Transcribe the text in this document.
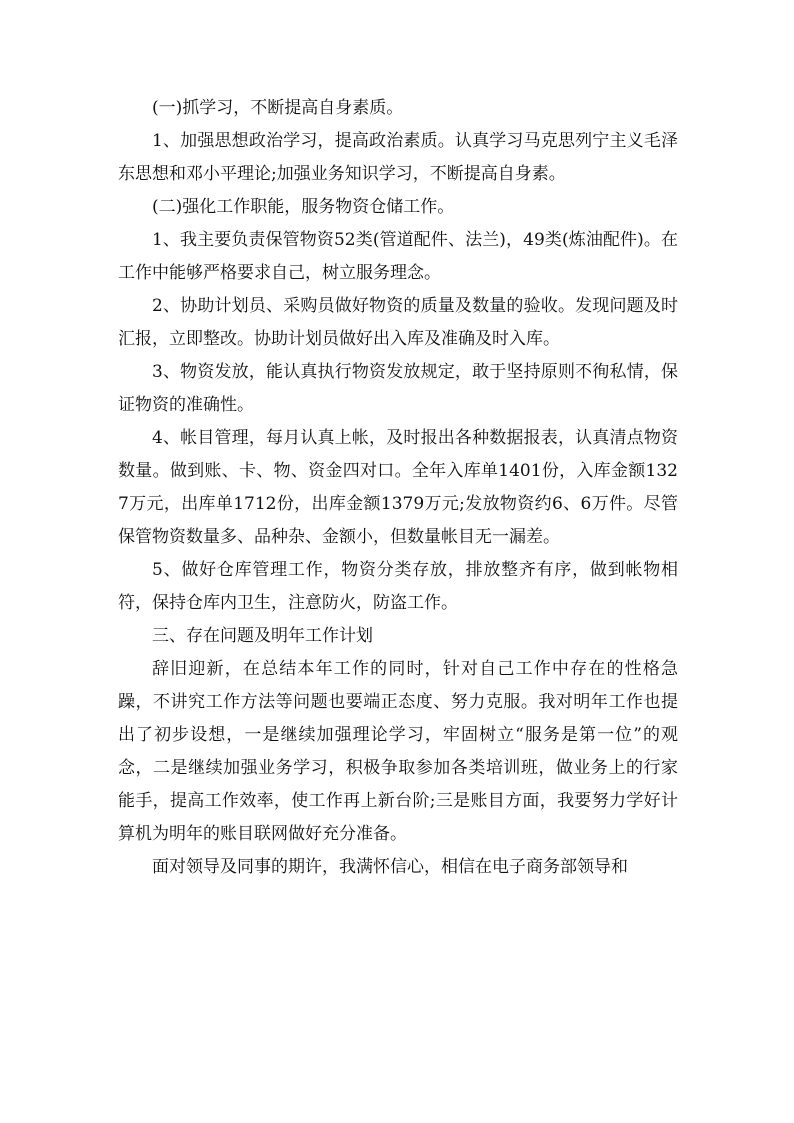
(一)抓学习，不断提高自身素质。

1、加强思想政治学习，提高政治素质。认真学习马克思列宁主义毛泽东思想和邓小平理论;加强业务知识学习，不断提高自身素。

(二)强化工作职能，服务物资仓储工作。

1、我主要负责保管物资52类(管道配件、法兰)，49类(炼油配件)。在工作中能够严格要求自己，树立服务理念。

2、协助计划员、采购员做好物资的质量及数量的验收。发现问题及时汇报，立即整改。协助计划员做好出入库及准确及时入库。

3、物资发放，能认真执行物资发放规定，敢于坚持原则不徇私情，保证物资的准确性。

4、帐目管理，每月认真上帐，及时报出各种数据报表，认真清点物资数量。做到账、卡、物、资金四对口。全年入库单1401份，入库金额1327万元，出库单1712份，出库金额1379万元;发放物资约6、6万件。尽管保管物资数量多、品种杂、金额小，但数量帐目无一漏差。

5、做好仓库管理工作，物资分类存放，排放整齐有序，做到帐物相符，保持仓库内卫生，注意防火，防盗工作。

三、存在问题及明年工作计划

辞旧迎新，在总结本年工作的同时，针对自己工作中存在的性格急躁，不讲究工作方法等问题也要端正态度、努力克服。我对明年工作也提出了初步设想，一是继续加强理论学习，牢固树立“服务是第一位”的观念，二是继续加强业务学习，积极争取参加各类培训班，做业务上的行家能手，提高工作效率，使工作再上新台阶;三是账目方面，我要努力学好计算机为明年的账目联网做好充分准备。

面对领导及同事的期许，我满怀信心，相信在电子商务部领导和
